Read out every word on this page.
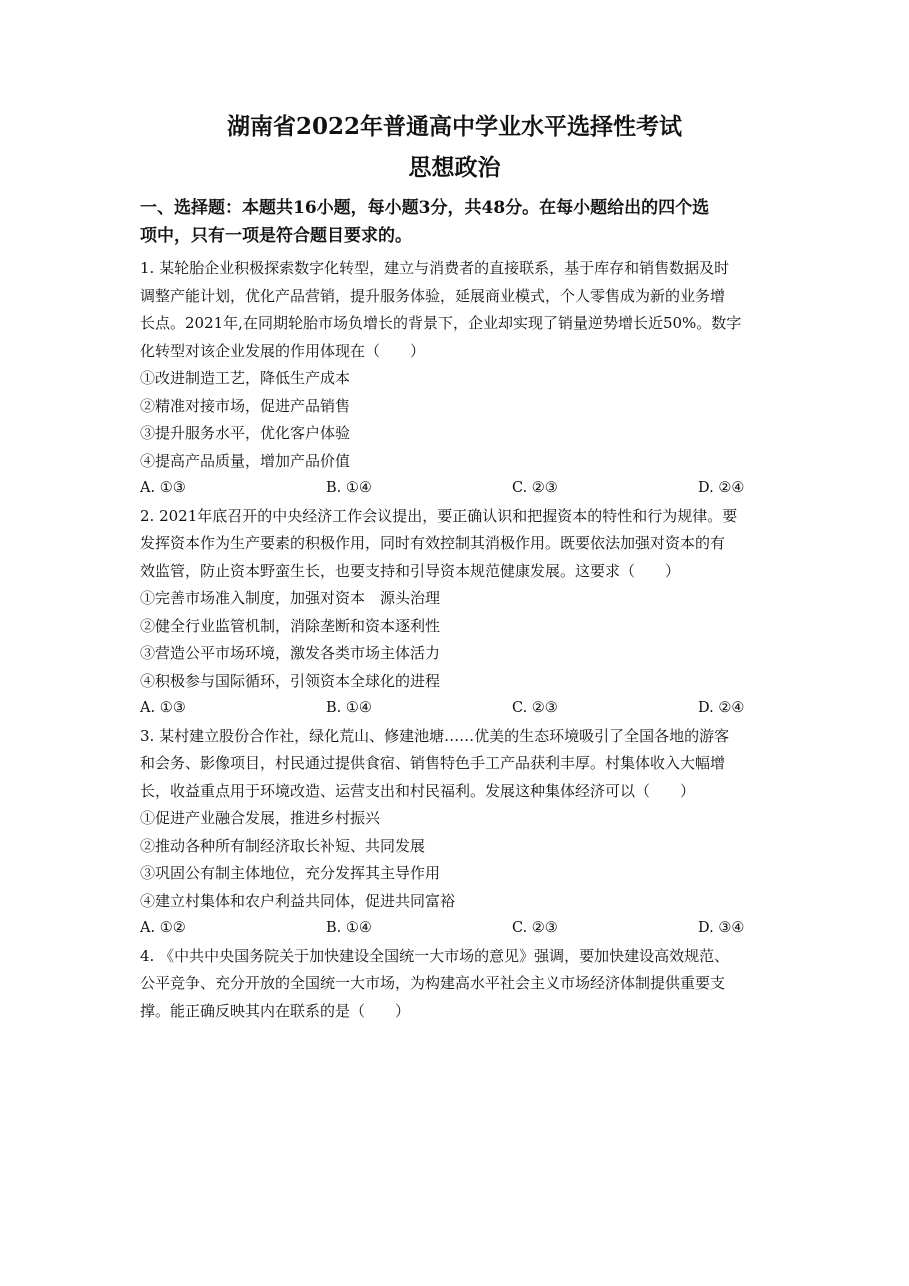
湖南省2022年普通高中学业水平选择性考试
思想政治
一、选择题：本题共16小题，每小题3分，共48分。在每小题给出的四个选
项中，只有一项是符合题目要求的。

1. 某轮胎企业积极探索数字化转型，建立与消费者的直接联系，基于库存和销售数据及时
调整产能计划，优化产品营销，提升服务体验，延展商业模式，个人零售成为新的业务增
长点。2021年,在同期轮胎市场负增长的背景下，企业却实现了销量逆势增长近50%。数字
化转型对该企业发展的作用体现在（　　）

①改进制造工艺，降低生产成本

②精准对接市场，促进产品销售

③提升服务水平，优化客户体验

④提高产品质量，增加产品价值

A. ①③	B. ①④	C. ②③	D. ②④

2. 2021年底召开的中央经济工作会议提出，要正确认识和把握资本的特性和行为规律。要
发挥资本作为生产要素的积极作用，同时有效控制其消极作用。既要依法加强对资本的有
效监管，防止资本野蛮生长，也要支持和引导资本规范健康发展。这要求（　　）

①完善市场准入制度，加强对资本　源头治理

②健全行业监管机制，消除垄断和资本逐利性

③营造公平市场环境，激发各类市场主体活力

④积极参与国际循环，引领资本全球化的进程

A. ①③	B. ①④	C. ②③	D. ②④

3. 某村建立股份合作社，绿化荒山、修建池塘……优美的生态环境吸引了全国各地的游客
和会务、影像项目，村民通过提供食宿、销售特色手工产品获利丰厚。村集体收入大幅增
长，收益重点用于环境改造、运营支出和村民福利。发展这种集体经济可以（　　）

①促进产业融合发展，推进乡村振兴

②推动各种所有制经济取长补短、共同发展

③巩固公有制主体地位，充分发挥其主导作用

④建立村集体和农户利益共同体，促进共同富裕

A. ①②	B. ①④	C. ②③	D. ③④

4. 《中共中央国务院关于加快建设全国统一大市场的意见》强调，要加快建设高效规范、
公平竞争、充分开放的全国统一大市场，为构建高水平社会主义市场经济体制提供重要支
撑。能正确反映其内在联系的是（　　）
